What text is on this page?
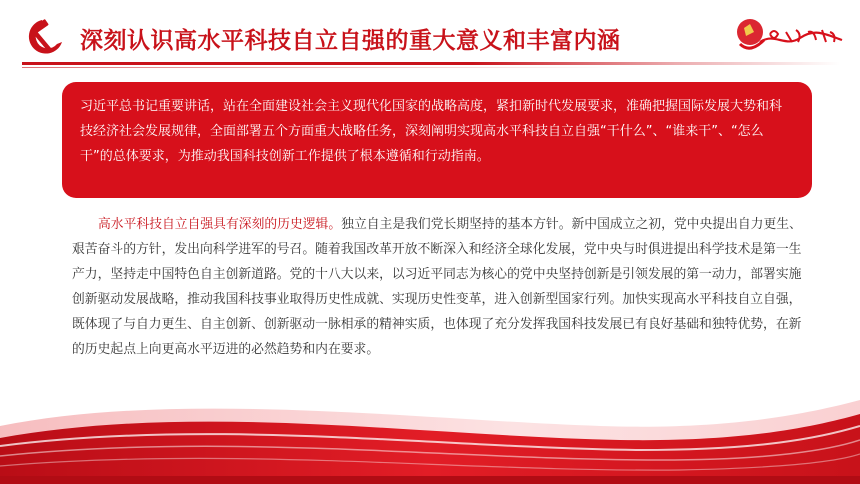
深刻认识高水平科技自立自强的重大意义和丰富内涵
习近平总书记重要讲话，站在全面建设社会主义现代化国家的战略高度，紧扣新时代发展要求，准确把握国际发展大势和科技经济社会发展规律，全面部署五个方面重大战略任务，深刻阐明实现高水平科技自立自强“干什么”、“谁来干”、“怎么干”的总体要求，为推动我国科技创新工作提供了根本遵循和行动指南。
高水平科技自立自强具有深刻的历史逻辑。独立自主是我们党长期坚持的基本方针。新中国成立之初，党中央提出自力更生、艰苦奋斗的方针，发出向科学进军的号召。随着我国改革开放不断深入和经济全球化发展，党中央与时俱进提出科学技术是第一生产力，坚持走中国特色自主创新道路。党的十八大以来，以习近平同志为核心的党中央坚持创新是引领发展的第一动力，部署实施创新驱动发展战略，推动我国科技事业取得历史性成就、实现历史性变革，进入创新型国家行列。加快实现高水平科技自立自强，既体现了与自力更生、自主创新、创新驱动一脉相承的精神实质，也体现了充分发挥我国科技发展已有良好基础和独特优势，在新的历史起点上向更高水平迈进的必然趋势和内在要求。
